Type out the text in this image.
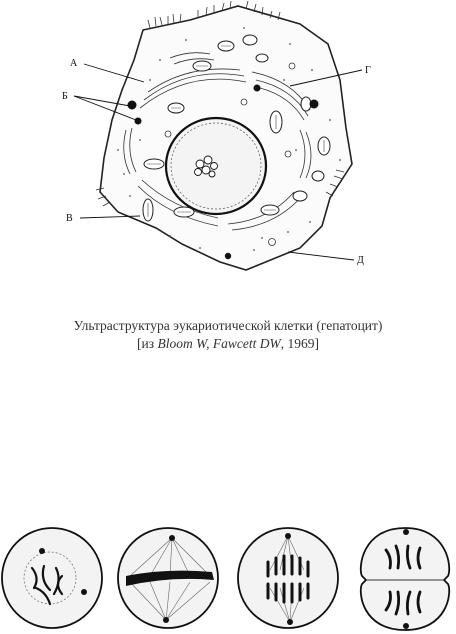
А
Б
В
Г
Д
Ультраструктура эукариотической клетки (гепатоцит)
[из Bloom W, Fawcett DW, 1969]
